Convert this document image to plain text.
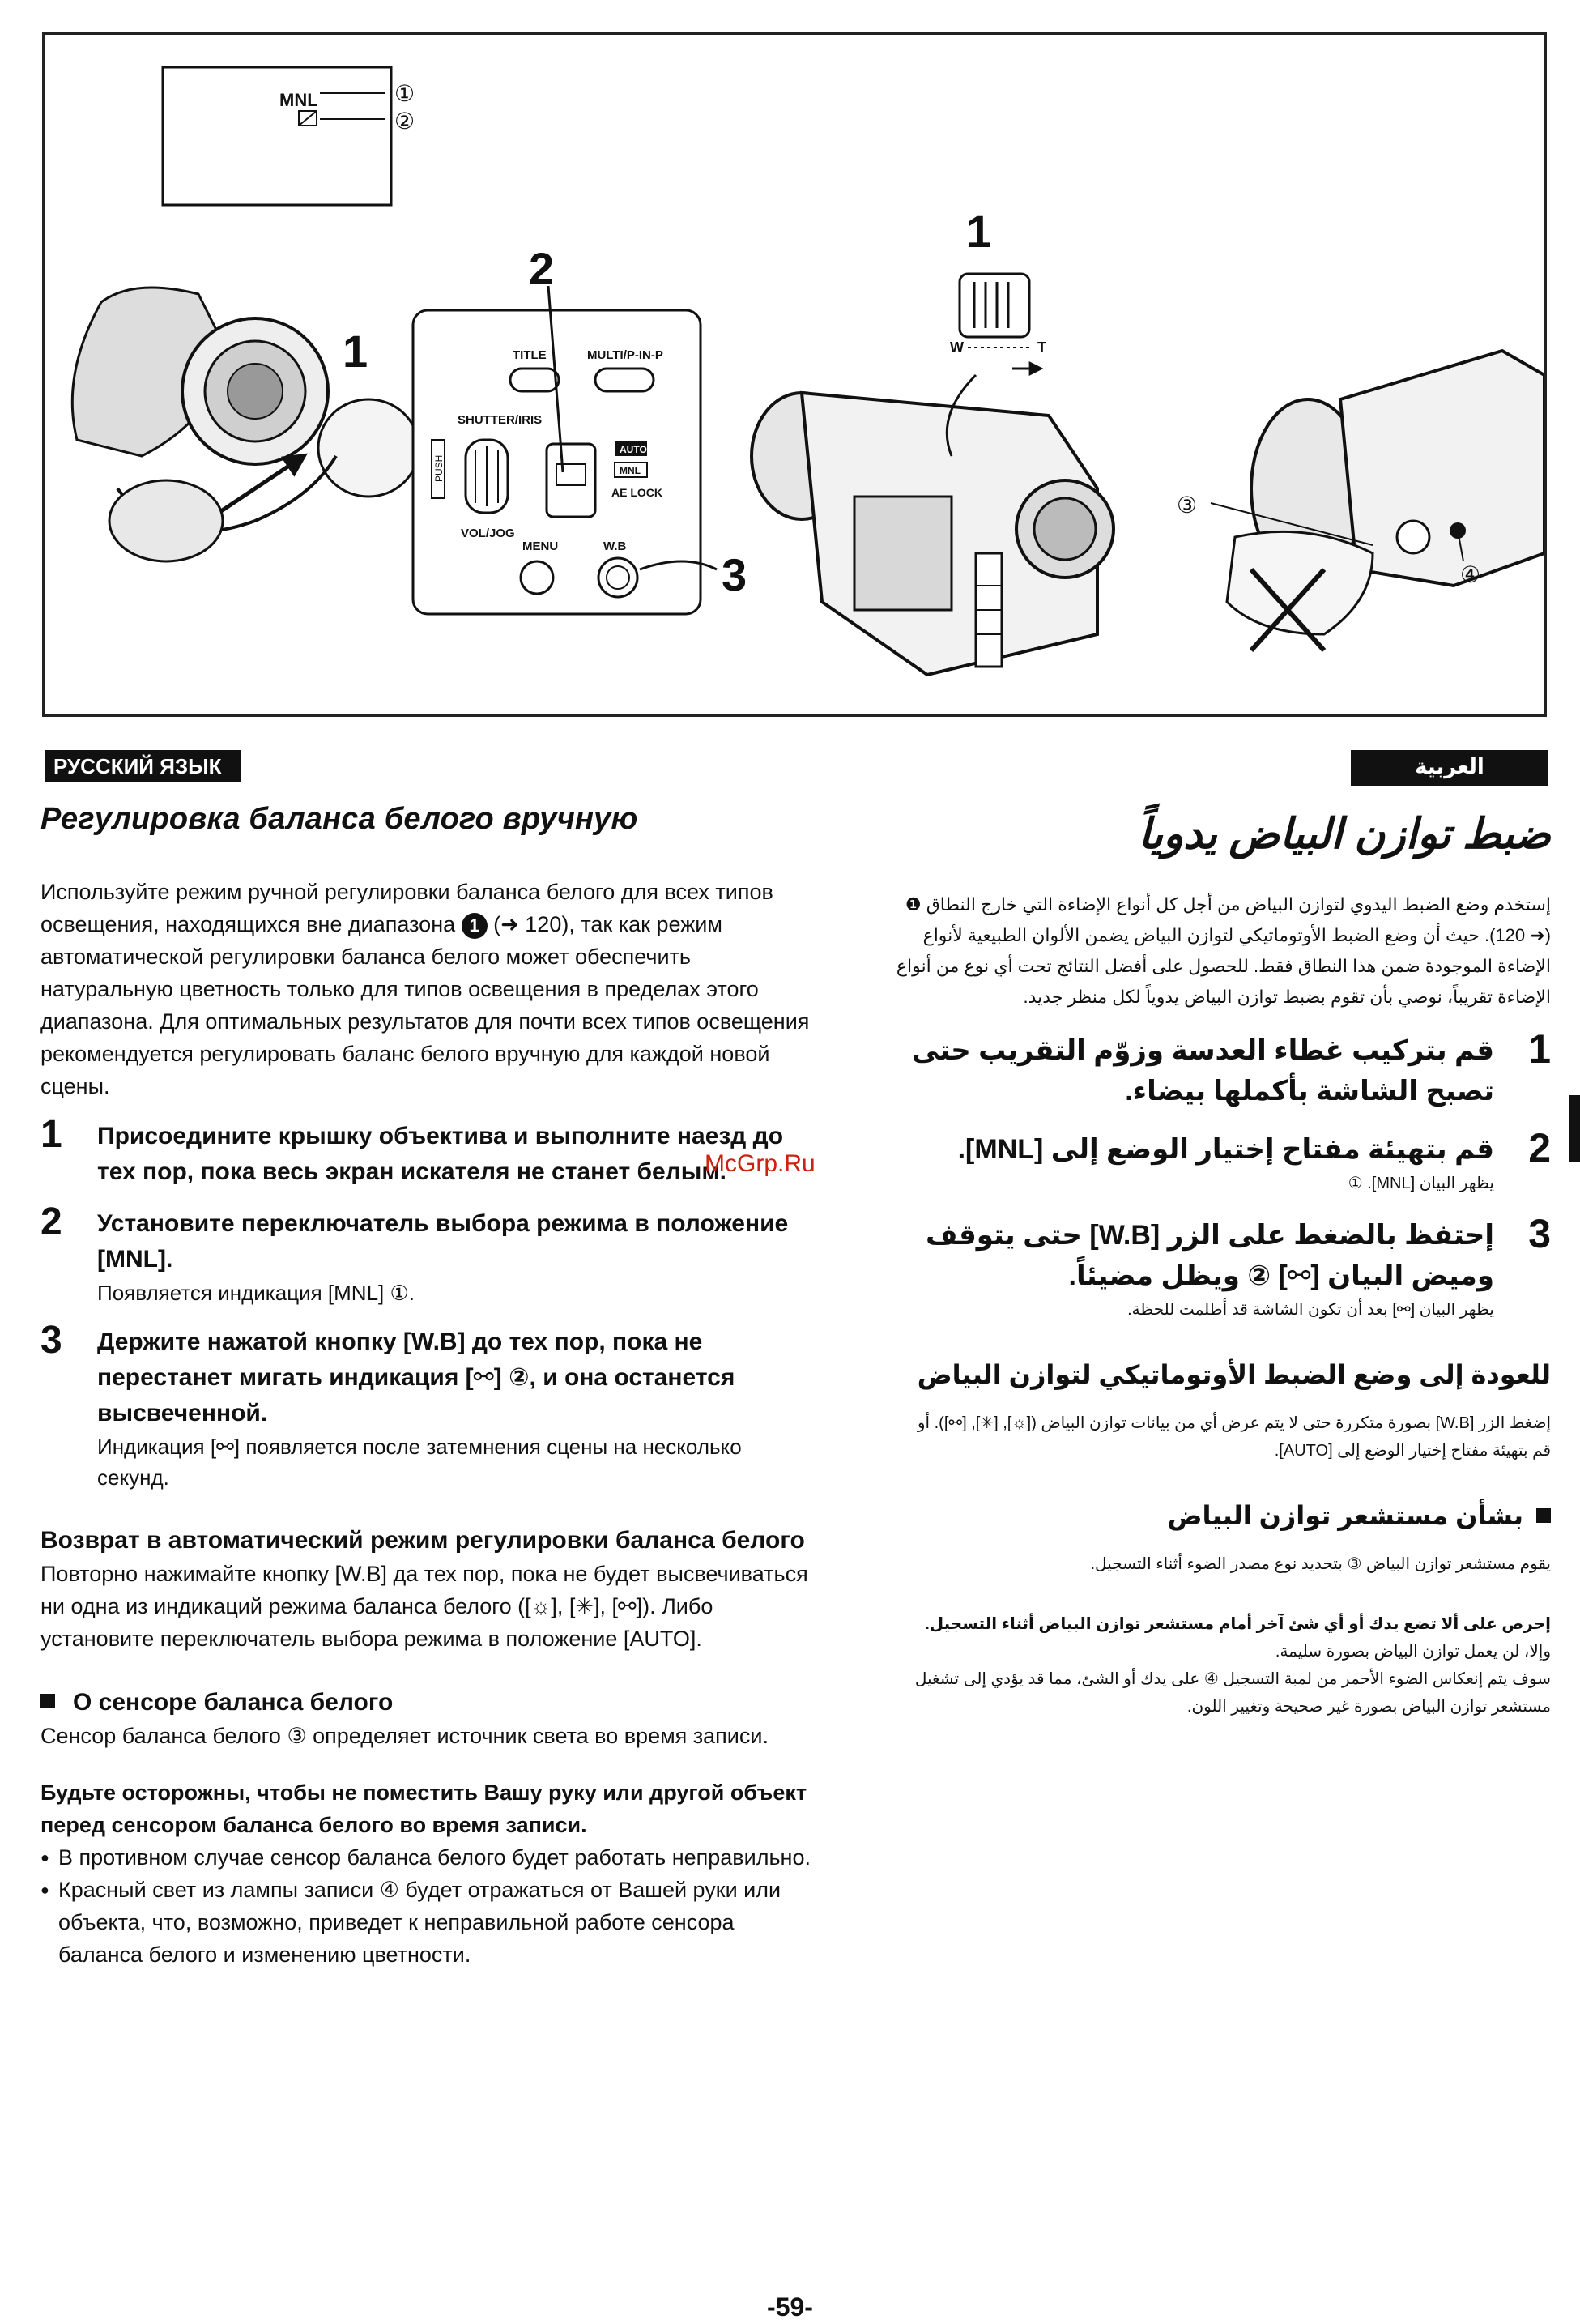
MNL	①
②
1	TITLE	MULTI/P-IN-P
SHUTTER/IRIS
PUSH
VOL/JOG
AUTO
MNL
AE LOCK
MENU	W.B
2
3
W	T
1
③
④
РУССКИЙ ЯЗЫК	العربية
Регулировка баланса белого вручную

Используйте режим ручной регулировки баланса белого для всех типов освещения, находящихся вне диапазона 1 (➜ 120), так как режим автоматической регулировки баланса белого может обеспечить натуральную цветность только для типов освещения в пределах этого диапазона. Для оптимальных результатов для почти всех типов освещения рекомендуется регулировать баланс белого вручную для каждой новой сцены.

1 Присоедините крышку объектива и выполните наезд до тех пор, пока весь экран искателя не станет белым.
2 Установите переключатель выбора режима в положение [MNL].
Появляется индикация [MNL] ①.
3 Держите нажатой кнопку [W.B] до тех пор, пока не перестанет мигать индикация [⚯] ②, и она останется высвеченной.
Индикация [⚯] появляется после затемнения сцены на несколько секунд.
Возврат в автоматический режим регулировки баланса белого

Повторно нажимайте кнопку [W.B] да тех пор, пока не будет высвечиваться ни одна из индикаций режима баланса белого ([☼], [✳], [⚯]). Либо установите переключатель выбора режима в положение [AUTO].

О сенсоре баланса белого

Сенсор баланса белого ③ определяет источник света во время записи.

Будьте осторожны, чтобы не поместить Вашу руку или другой объект перед сенсором баланса белого во время записи.
● В противном случае сенсор баланса белого будет работать неправильно.
● Красный свет из лампы записи ④ будет отражаться от Вашей руки или объекта, что, возможно, приведет к неправильной работе сенсора баланса белого и изменению цветности.
ضبط توازن البياض يدوياً

إستخدم وضع الضبط اليدوي لتوازن البياض من أجل كل أنواع الإضاءة التي خارج النطاق ❶ (➜ 120). حيث أن وضع الضبط الأوتوماتيكي لتوازن البياض يضمن الألوان الطبيعية لأنواع الإضاءة الموجودة ضمن هذا النطاق فقط. للحصول على أفضل النتائج تحت أي نوع من أنواع الإضاءة تقريباً، نوصي بأن تقوم بضبط توازن البياض يدوياً لكل منظر جديد.

1
قم بتركيب غطاء العدسة وزوّم التقريب حتى تصبح الشاشة بأكملها بيضاء.
2
قم بتهيئة مفتاح إختيار الوضع إلى [MNL].
يظهر البيان [MNL]. ①
3
إحتفظ بالضغط على الزر [W.B] حتى يتوقف وميض البيان [⚯] ② ويظل مضيئاً.
يظهر البيان [⚯] بعد أن تكون الشاشة قد أظلمت للحظة.
للعودة إلى وضع الضبط الأوتوماتيكي لتوازن البياض

إضغط الزر [W.B] بصورة متكررة حتى لا يتم عرض أي من بيانات توازن البياض ([☼], [✳], [⚯]). أو قم بتهيئة مفتاح إختيار الوضع إلى [AUTO].

بشأن مستشعر توازن البياض

يقوم مستشعر توازن البياض ③ بتحديد نوع مصدر الضوء أثناء التسجيل.

إحرص على ألا تضع يدك أو أي شئ آخر أمام مستشعر توازن البياض أثناء التسجيل.
وإلا، لن يعمل توازن البياض بصورة سليمة.
سوف يتم إنعكاس الضوء الأحمر من لمبة التسجيل ④ على يدك أو الشئ، مما قد يؤدي إلى تشغيل مستشعر توازن البياض بصورة غير صحيحة وتغيير اللون.
McGrp.Ru
-59-
